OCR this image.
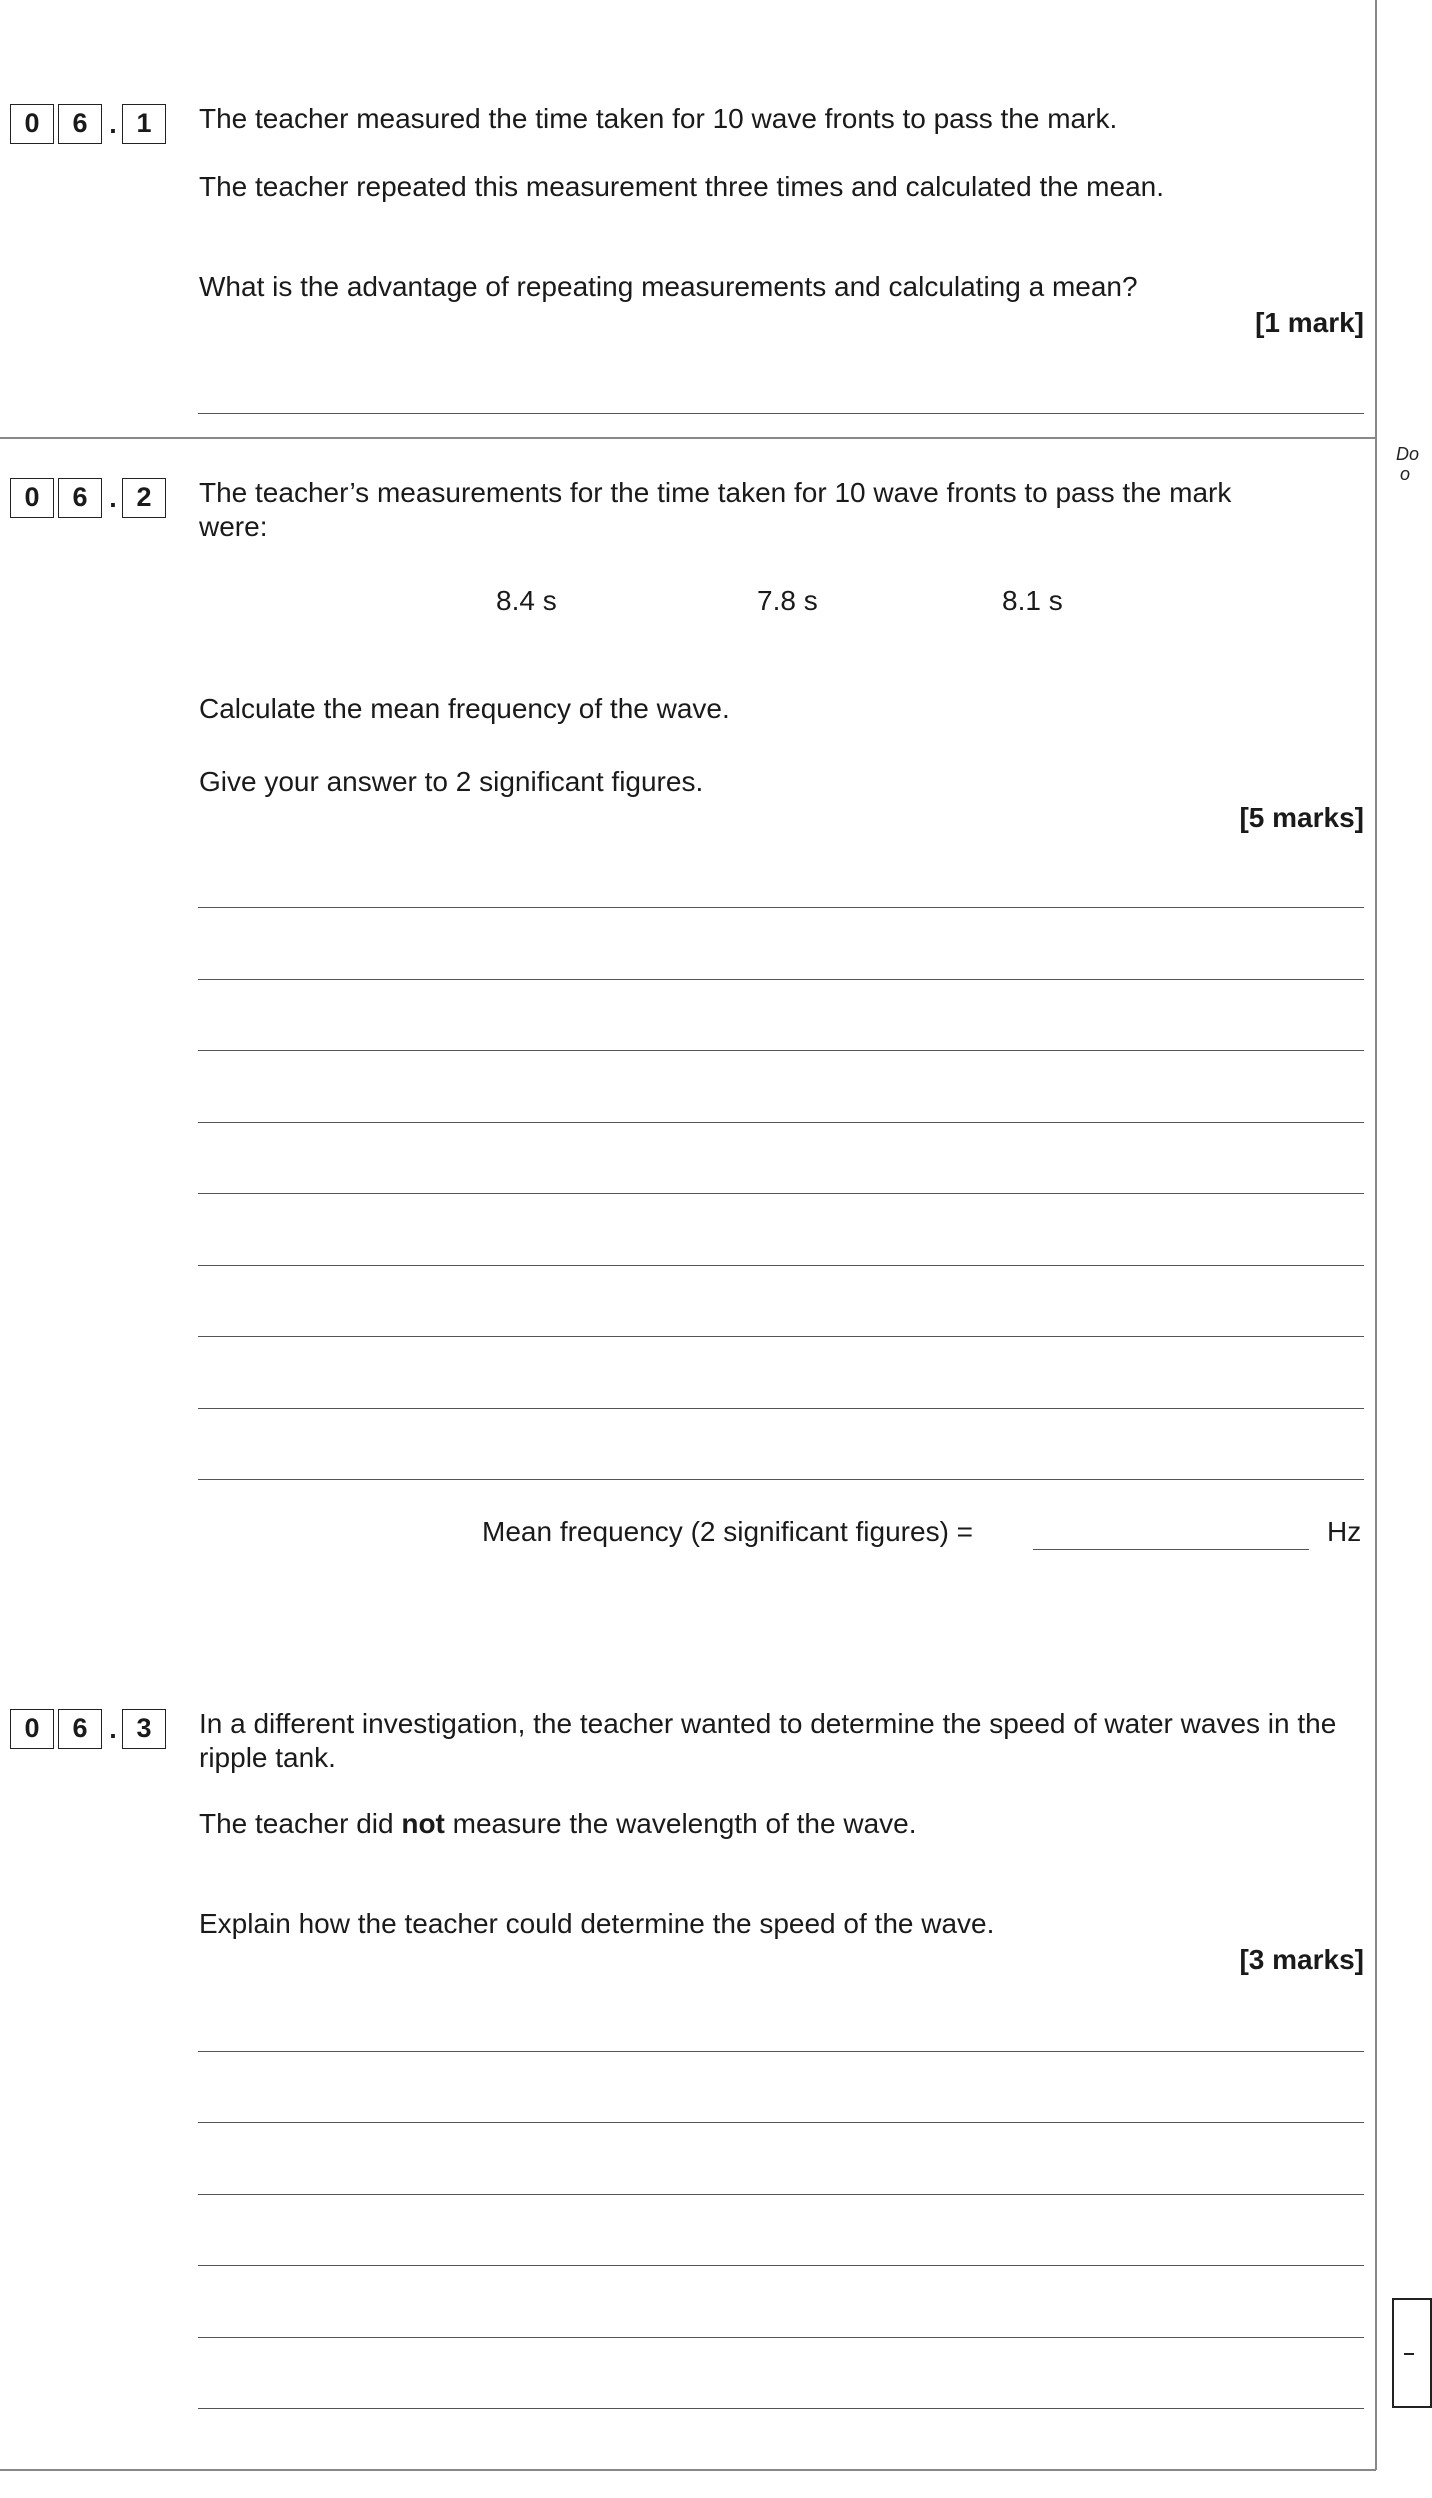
Do
o
0	6 . 1	The teacher measured the time taken for 10 wave fronts to pass the mark.
The teacher repeated this measurement three times and calculated the mean.
What is the advantage of repeating measurements and calculating a mean?
[1 mark]
0	6 . 2	The teacher’s measurements for the time taken for 10 wave fronts to pass the mark were:
8.4 s	7.8 s	8.1 s
Calculate the mean frequency of the wave.
Give your answer to 2 significant figures.
[5 marks]
Mean frequency (2 significant figures) =	Hz
0	6 . 3	In a different investigation, the teacher wanted to determine the speed of water waves in the ripple tank.
The teacher did not measure the wavelength of the wave.
Explain how the teacher could determine the speed of the wave.
[3 marks]
